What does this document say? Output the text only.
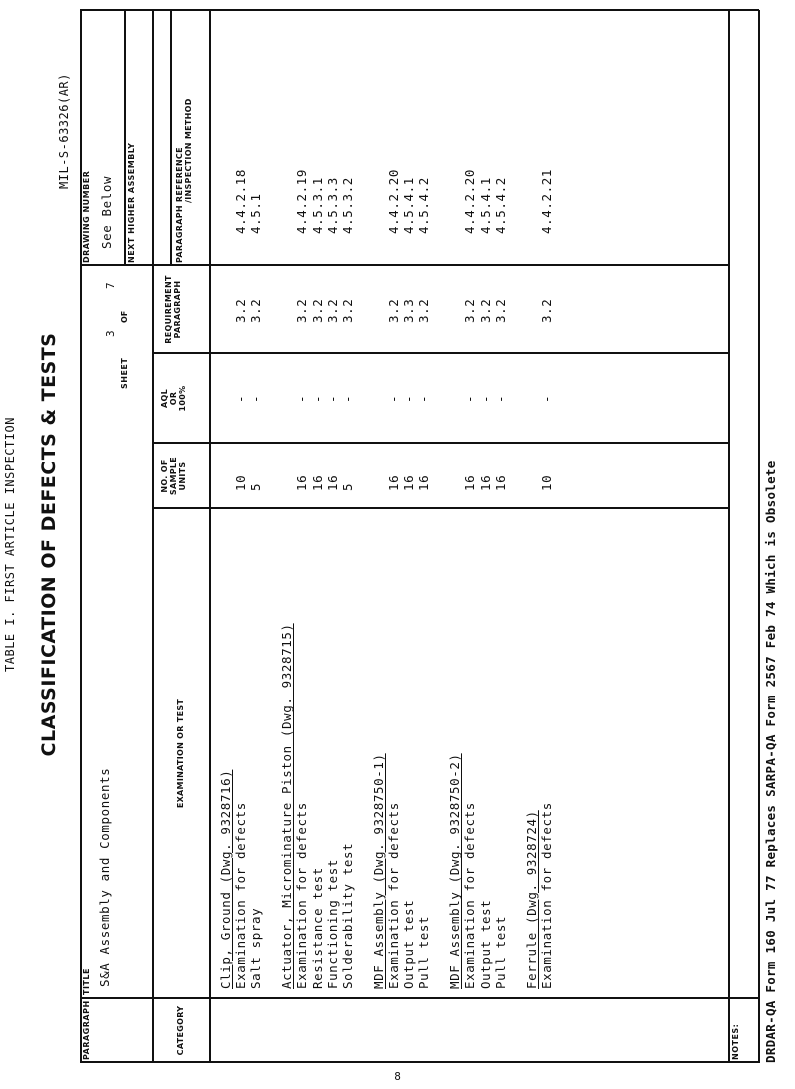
TABLE I. FIRST ARTICLE INSPECTION CLASSIFICATION OF DEFECTS & TESTS
MIL-S-63326(AR)
PARAGRAPH
TITLE S&A Assembly and Components
DRAWING NUMBER See Below NEXT HIGHER ASSEMBLY
SHEET
3
OF
7
CATEGORY
EXAMINATION OR TEST
NO. OF SAMPLE UNITS
AQL OR 100%
REQUIREMENT PARAGRAPH
PARAGRAPH REFERENCE /INSPECTION METHOD
Clip, Ground (Dwg. 9328716) Examination for defects
10
-
3.2
4.4.2.18
Salt spray
5
-
3.2
4.5.1
Actuator, Microminature Piston (Dwg. 9328715) Examination for defects
16
-
3.2
4.4.2.19
Resistance test
16
-
3.2
4.5.3.1
Functioning test
16
-
3.2
4.5.3.3
Solderability test
5
-
3.2
4.5.3.2
MDF Assembly (Dwg. 9328750-1) Examination for defects
16
-
3.2
4.4.2.20
Output test
16
-
3.3
4.5.4.1
Pull test
16
-
3.2
4.5.4.2
MDF Assembly (Dwg. 9328750-2) Examination for defects
16
-
3.2
4.4.2.20
Output test
16
-
3.2
4.5.4.1
Pull test
16
-
3.2
4.5.4.2
Ferrule (Dwg. 9328724) Examination for defects
10
-
3.2
4.4.2.21
NOTES: DRDAR-QA Form 160 Jul 77 Replaces SARPA-QA Form 2567 Feb 74 Which is Obsolete
8
